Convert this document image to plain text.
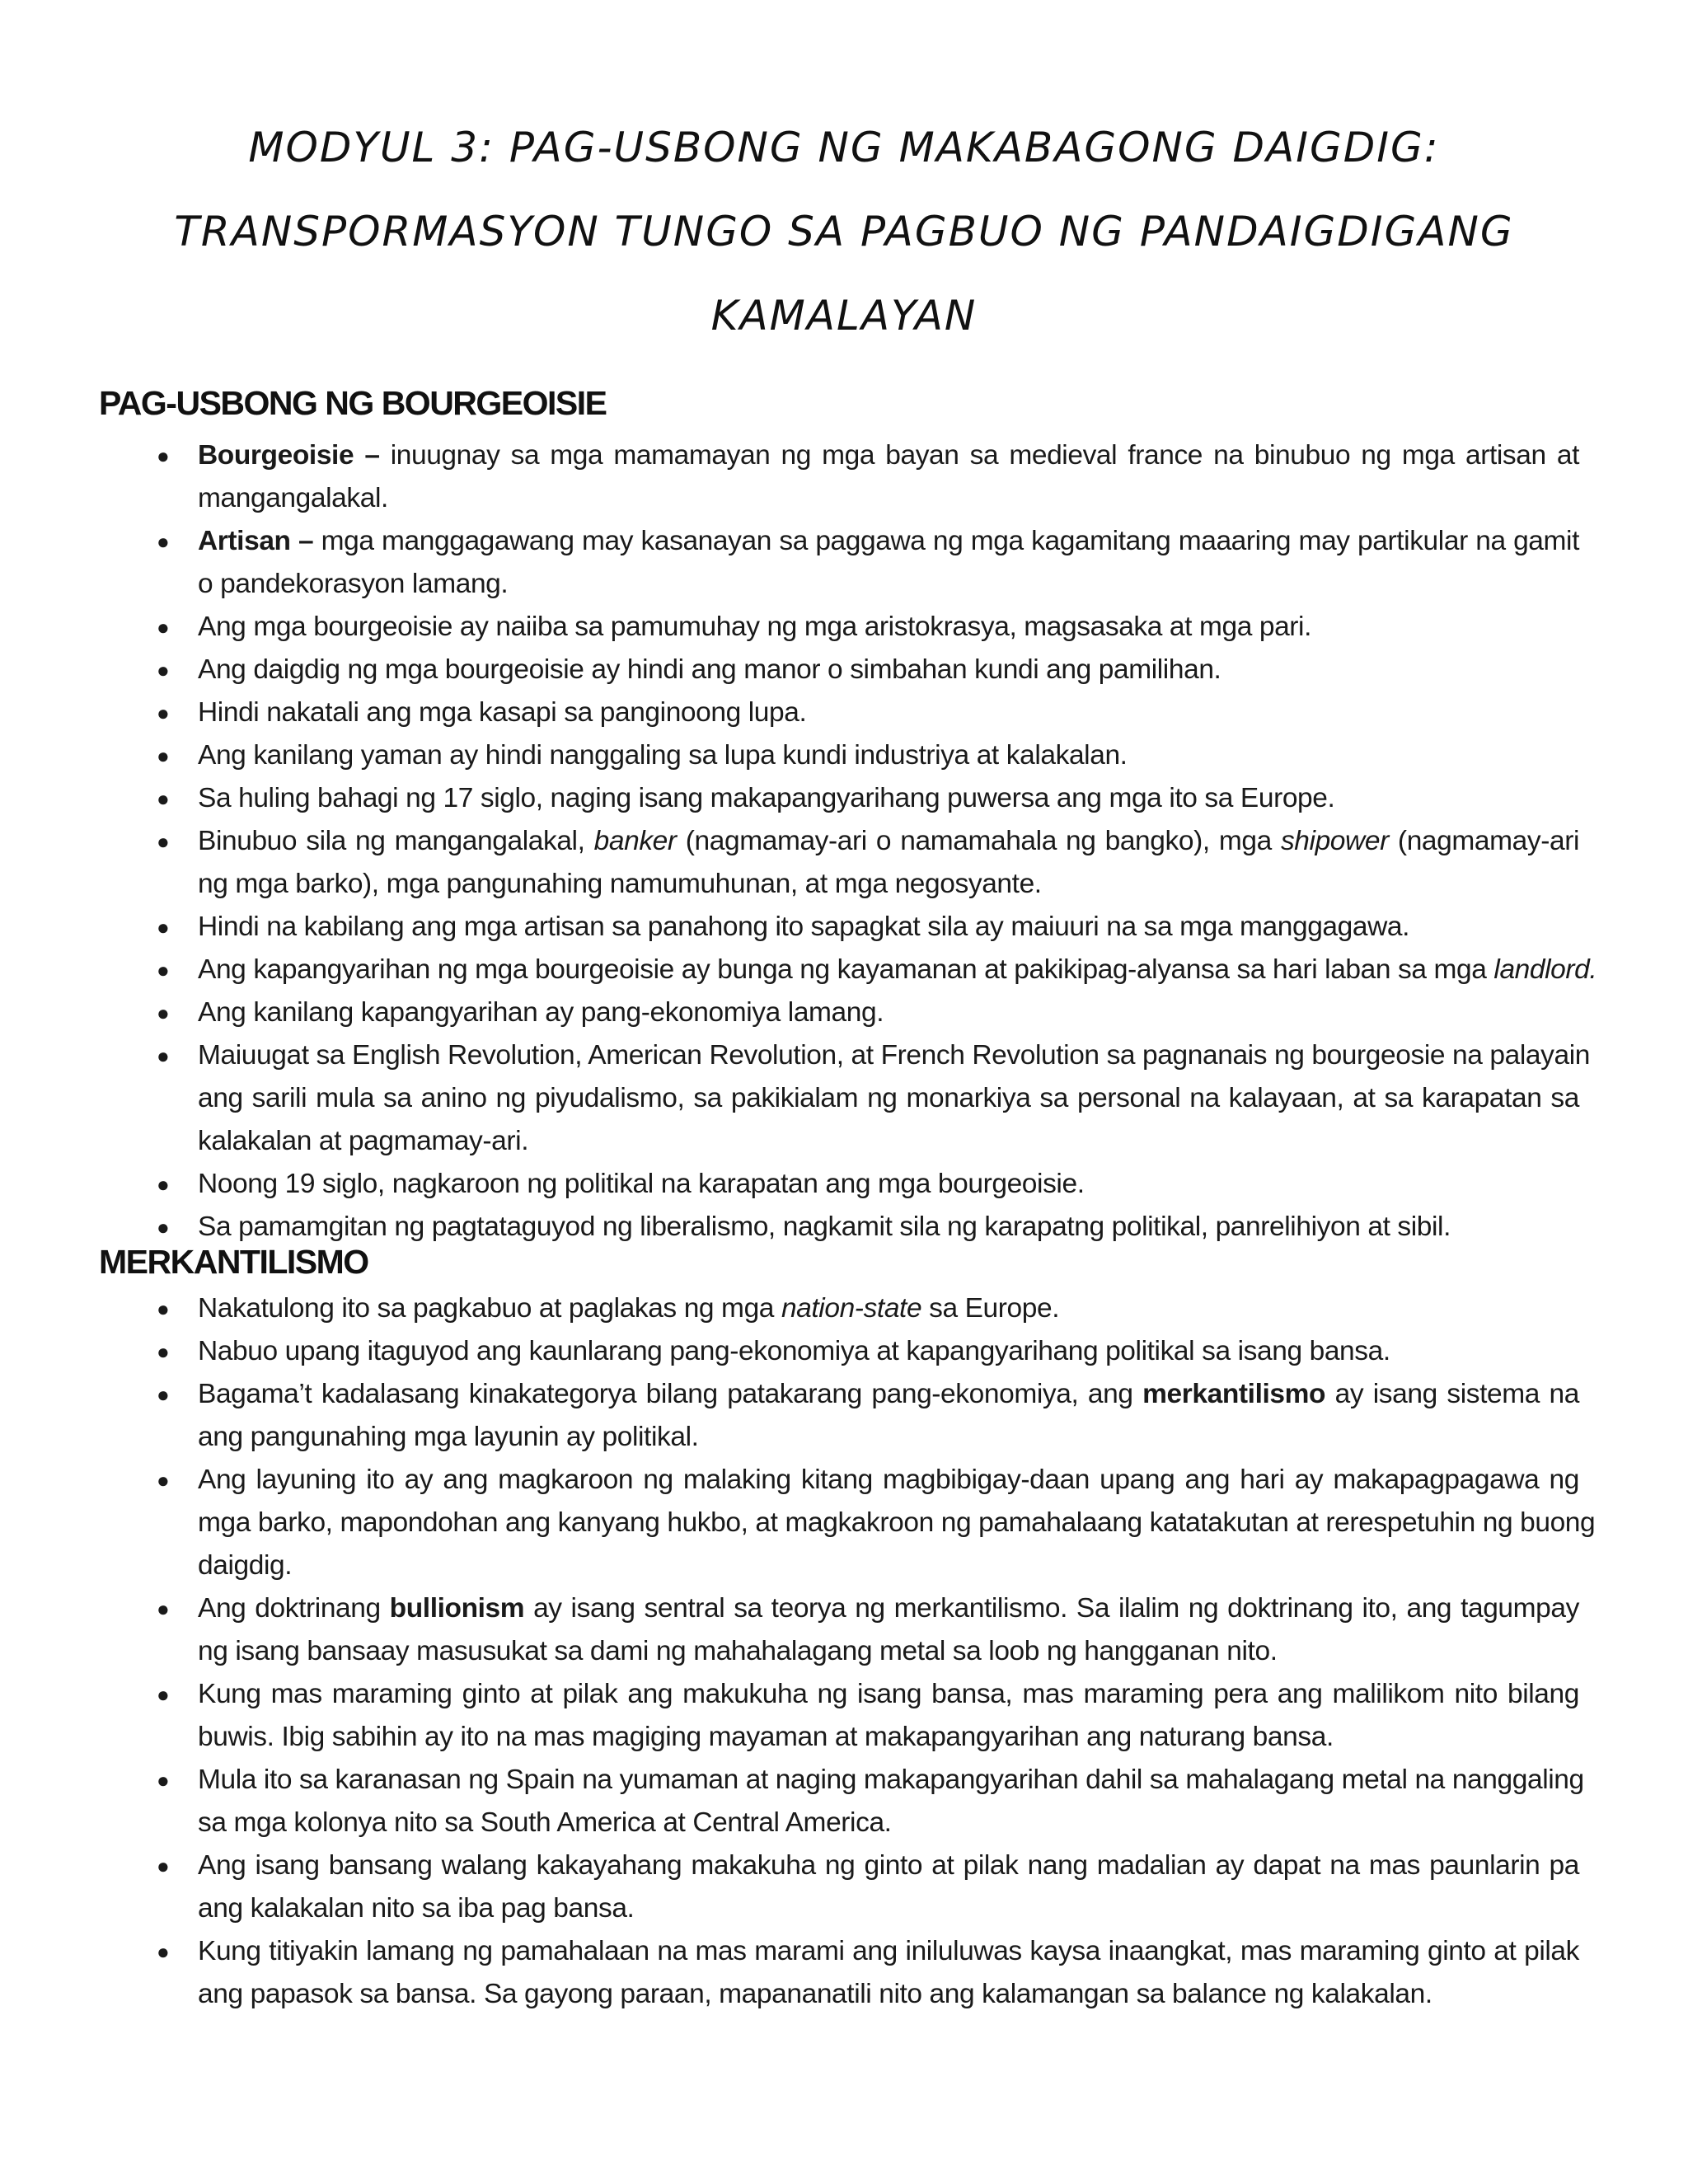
MODYUL 3: PAG-USBONG NG MAKABAGONG DAIGDIG:
TRANSPORMASYON TUNGO SA PAGBUO NG PANDAIGDIGANG
KAMALAYAN
PAG-USBONG NG BOURGEOISIE
● Bourgeoisie – inuugnay sa mga mamamayan ng mga bayan sa medieval france na binubuo ng mga artisan at
mangangalakal.
● Artisan – mga manggagawang may kasanayan sa paggawa ng mga kagamitang maaaring may partikular na gamit
o pandekorasyon lamang.
● Ang mga bourgeoisie ay naiiba sa pamumuhay ng mga aristokrasya, magsasaka at mga pari.
● Ang daigdig ng mga bourgeoisie ay hindi ang manor o simbahan kundi ang pamilihan.
● Hindi nakatali ang mga kasapi sa panginoong lupa.
● Ang kanilang yaman ay hindi nanggaling sa lupa kundi industriya at kalakalan.
● Sa huling bahagi ng 17 siglo, naging isang makapangyarihang puwersa ang mga ito sa Europe.
● Binubuo sila ng mangangalakal, banker (nagmamay-ari o namamahala ng bangko), mga shipower (nagmamay-ari
ng mga barko), mga pangunahing namumuhunan, at mga negosyante.
● Hindi na kabilang ang mga artisan sa panahong ito sapagkat sila ay maiuuri na sa mga manggagawa.
● Ang kapangyarihan ng mga bourgeoisie ay bunga ng kayamanan at pakikipag-alyansa sa hari laban sa mga landlord.
● Ang kanilang kapangyarihan ay pang-ekonomiya lamang.
● Maiuugat sa English Revolution, American Revolution, at French Revolution sa pagnanais ng bourgeosie na palayain
ang sarili mula sa anino ng piyudalismo, sa pakikialam ng monarkiya sa personal na kalayaan, at sa karapatan sa
kalakalan at pagmamay-ari.
● Noong 19 siglo, nagkaroon ng politikal na karapatan ang mga bourgeoisie.
● Sa pamamgitan ng pagtataguyod ng liberalismo, nagkamit sila ng karapatng politikal, panrelihiyon at sibil.
MERKANTILISMO
● Nakatulong ito sa pagkabuo at paglakas ng mga nation-state sa Europe.
● Nabuo upang itaguyod ang kaunlarang pang-ekonomiya at kapangyarihang politikal sa isang bansa.
● Bagama’t kadalasang kinakategorya bilang patakarang pang-ekonomiya, ang merkantilismo ay isang sistema na
ang pangunahing mga layunin ay politikal.
● Ang layuning ito ay ang magkaroon ng malaking kitang magbibigay-daan upang ang hari ay makapagpagawa ng
mga barko, mapondohan ang kanyang hukbo, at magkakroon ng pamahalaang katatakutan at rerespetuhin ng buong
daigdig.
● Ang doktrinang bullionism ay isang sentral sa teorya ng merkantilismo. Sa ilalim ng doktrinang ito, ang tagumpay
ng isang bansaay masusukat sa dami ng mahahalagang metal sa loob ng hangganan nito.
● Kung mas maraming ginto at pilak ang makukuha ng isang bansa, mas maraming pera ang malilikom nito bilang
buwis. Ibig sabihin ay ito na mas magiging mayaman at makapangyarihan ang naturang bansa.
● Mula ito sa karanasan ng Spain na yumaman at naging makapangyarihan dahil sa mahalagang metal na nanggaling
sa mga kolonya nito sa South America at Central America.
● Ang isang bansang walang kakayahang makakuha ng ginto at pilak nang madalian ay dapat na mas paunlarin pa
ang kalakalan nito sa iba pag bansa.
● Kung titiyakin lamang ng pamahalaan na mas marami ang iniluluwas kaysa inaangkat, mas maraming ginto at pilak
ang papasok sa bansa. Sa gayong paraan, mapananatili nito ang kalamangan sa balance ng kalakalan.
